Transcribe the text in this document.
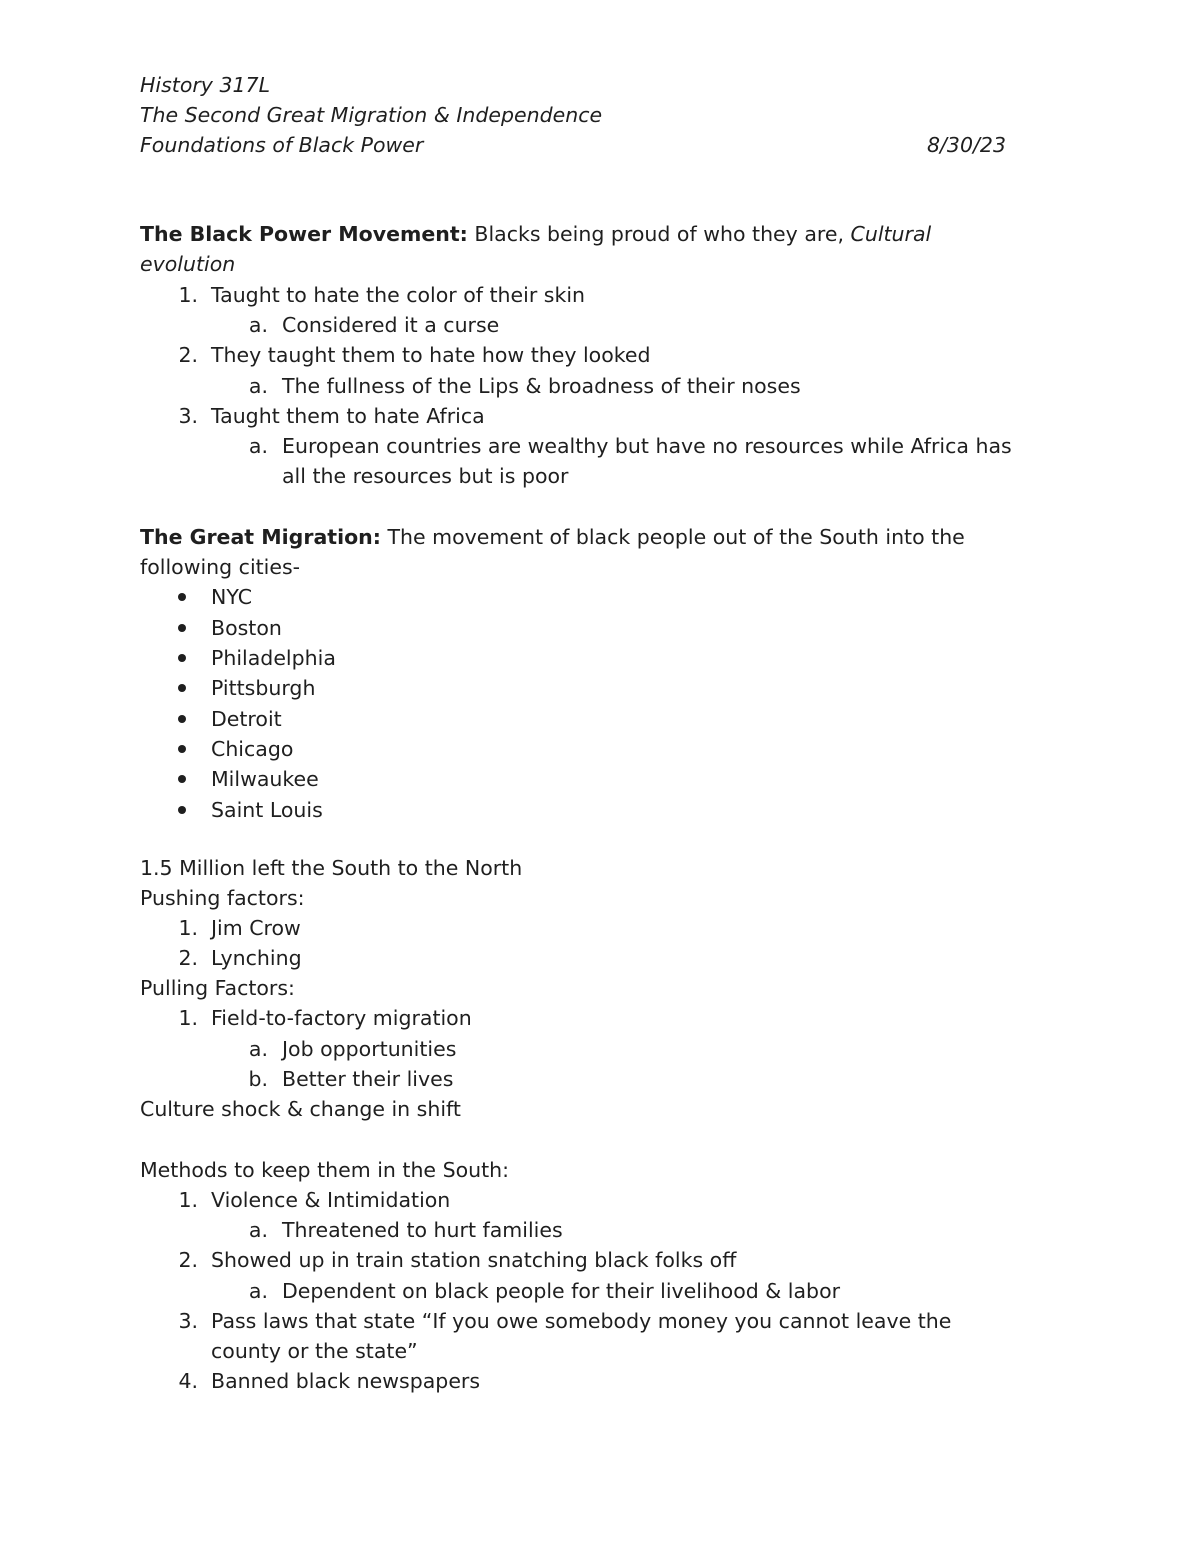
History 317L
The Second Great Migration & Independence
Foundations of Black Power	8/30/23
The Black Power Movement: Blacks being proud of who they are, Cultural
evolution
1. Taught to hate the color of their skin
a. Considered it a curse
2. They taught them to hate how they looked
a. The fullness of the Lips & broadness of their noses
3. Taught them to hate Africa
a. European countries are wealthy but have no resources while Africa has
all the resources but is poor
The Great Migration: The movement of black people out of the South into the
following cities-
NYC
Boston
Philadelphia
Pittsburgh
Detroit
Chicago
Milwaukee
Saint Louis
1.5 Million left the South to the North
Pushing factors:
1. Jim Crow
2. Lynching
Pulling Factors:
1. Field-to-factory migration
a. Job opportunities
b. Better their lives
Culture shock & change in shift
Methods to keep them in the South:
1. Violence & Intimidation
a. Threatened to hurt families
2. Showed up in train station snatching black folks off
a. Dependent on black people for their livelihood & labor
3. Pass laws that state “If you owe somebody money you cannot leave the
county or the state”
4. Banned black newspapers
